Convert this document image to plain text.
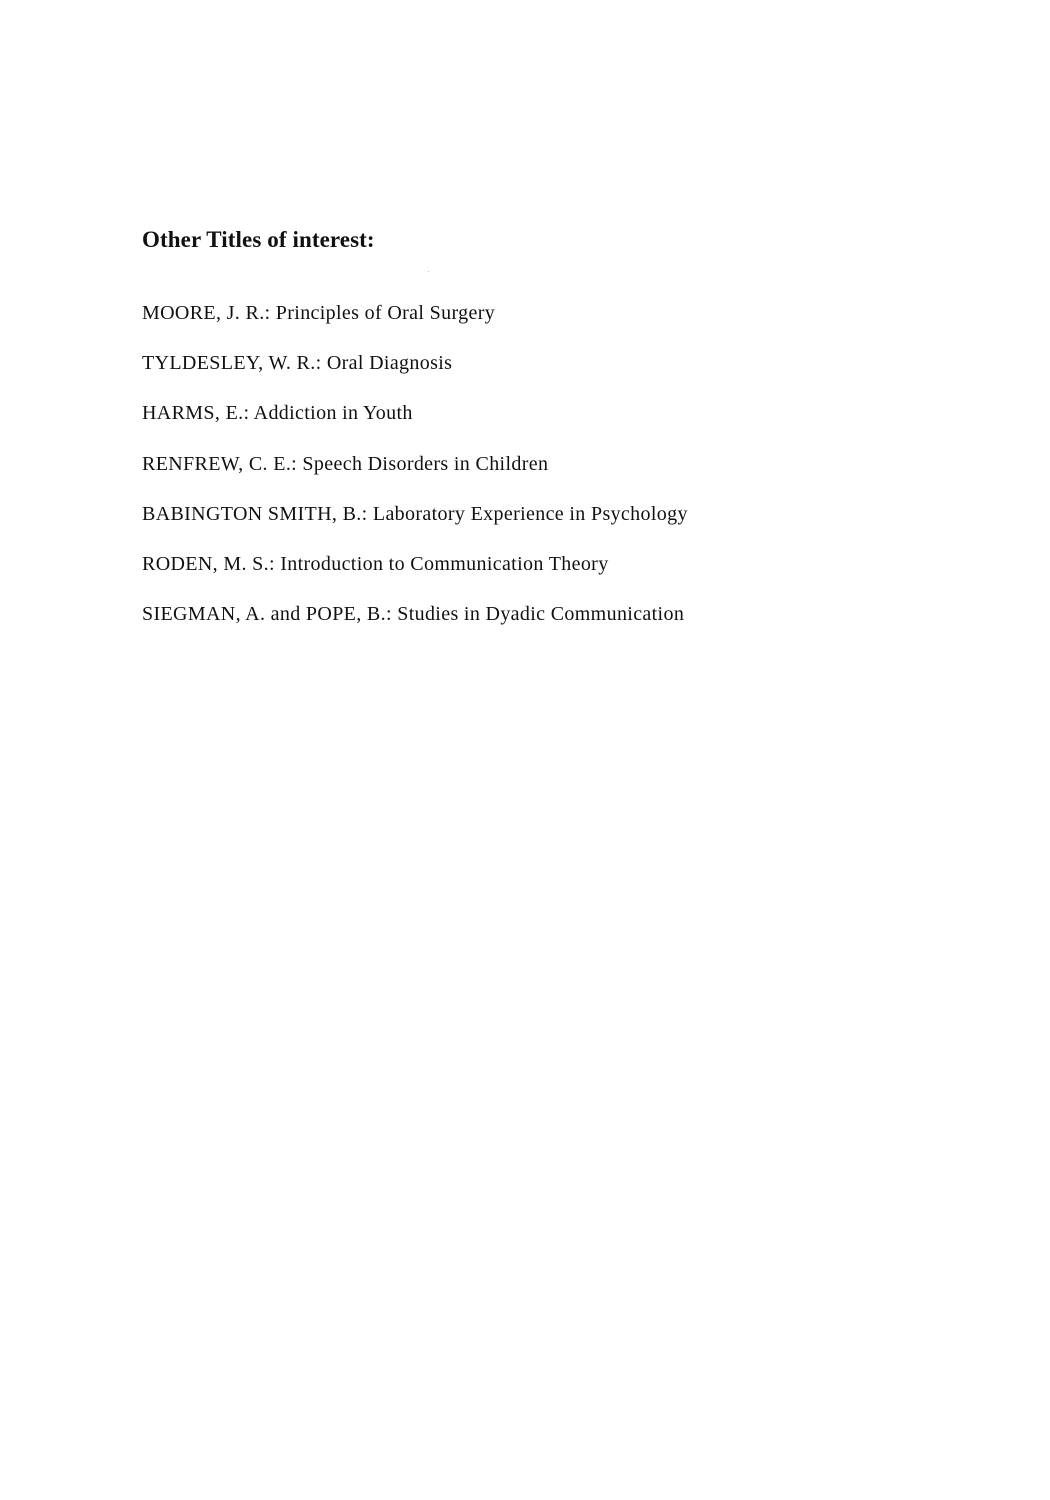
Other Titles of interest:
MOORE, J. R.: Principles of Oral Surgery
TYLDESLEY, W. R.: Oral Diagnosis
HARMS, E.: Addiction in Youth
RENFREW, C. E.: Speech Disorders in Children
BABINGTON SMITH, B.: Laboratory Experience in Psychology
RODEN, M. S.: Introduction to Communication Theory
SIEGMAN, A. and POPE, B.: Studies in Dyadic Communication
